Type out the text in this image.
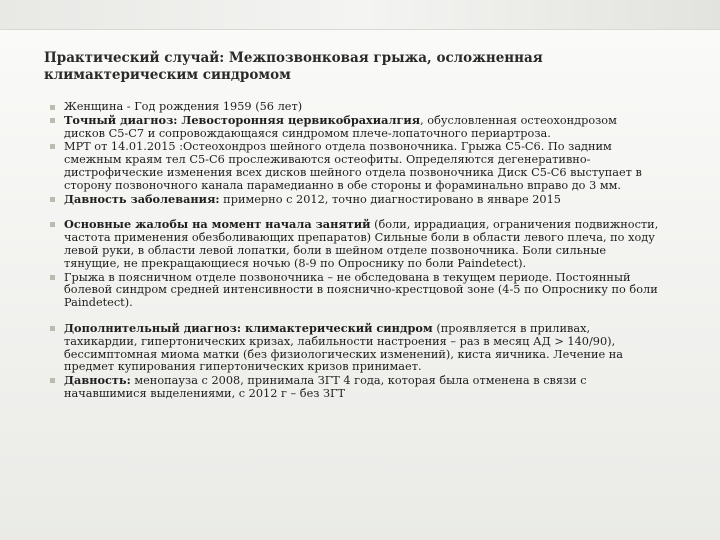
Практический случай: Межпозвонковая грыжа, осложненная климактерическим синдромом
Женщина - Год рождения 1959 (56 лет)
Точный диагноз: Левосторонняя цервикобрахиалгия, обусловленная остеохондрозом дисков C5-C7 и сопровождающаяся синдромом плече-лопаточного периартроза.
МРТ от 14.01.2015 :Остеохондроз шейного отдела позвоночника. Грыжа С5-С6. По задним смежным краям тел С5-С6 прослеживаются остеофиты. Определяются дегенеративно-дистрофические изменения всех дисков шейного отдела позвоночника Диск С5-С6 выступает в сторону позвоночного канала парамедианно в обе стороны и фораминально вправо до 3 мм.
Давность заболевания: примерно с 2012, точно диагностировано в январе 2015
Основные жалобы на момент начала занятий (боли, иррадиация, ограничения подвижности, частота применения обезболивающих препаратов) Сильные боли в области левого плеча, по ходу левой руки, в области левой лопатки, боли в шейном отделе позвоночника. Боли сильные тянущие, не прекращающиеся ночью (8-9 по Опроснику по боли Paindetect).
Грыжа в поясничном отделе позвоночника – не обследована в текущем периоде. Постоянный болевой синдром средней интенсивности в пояснично-крестцовой зоне (4-5 по Опроснику по боли Paindetect).
Дополнительный диагноз: климактерический синдром (проявляется в приливах, тахикардии, гипертонических кризах, лабильности настроения – раз в месяц АД > 140/90), бессимптомная миома матки (без физиологических изменений), киста яичника. Лечение на предмет купирования гипертонических кризов принимает.
Давность: менопауза с 2008, принимала ЗГТ 4 года, которая была отменена в связи с начавшимися выделениями, с 2012 г – без ЗГТ
